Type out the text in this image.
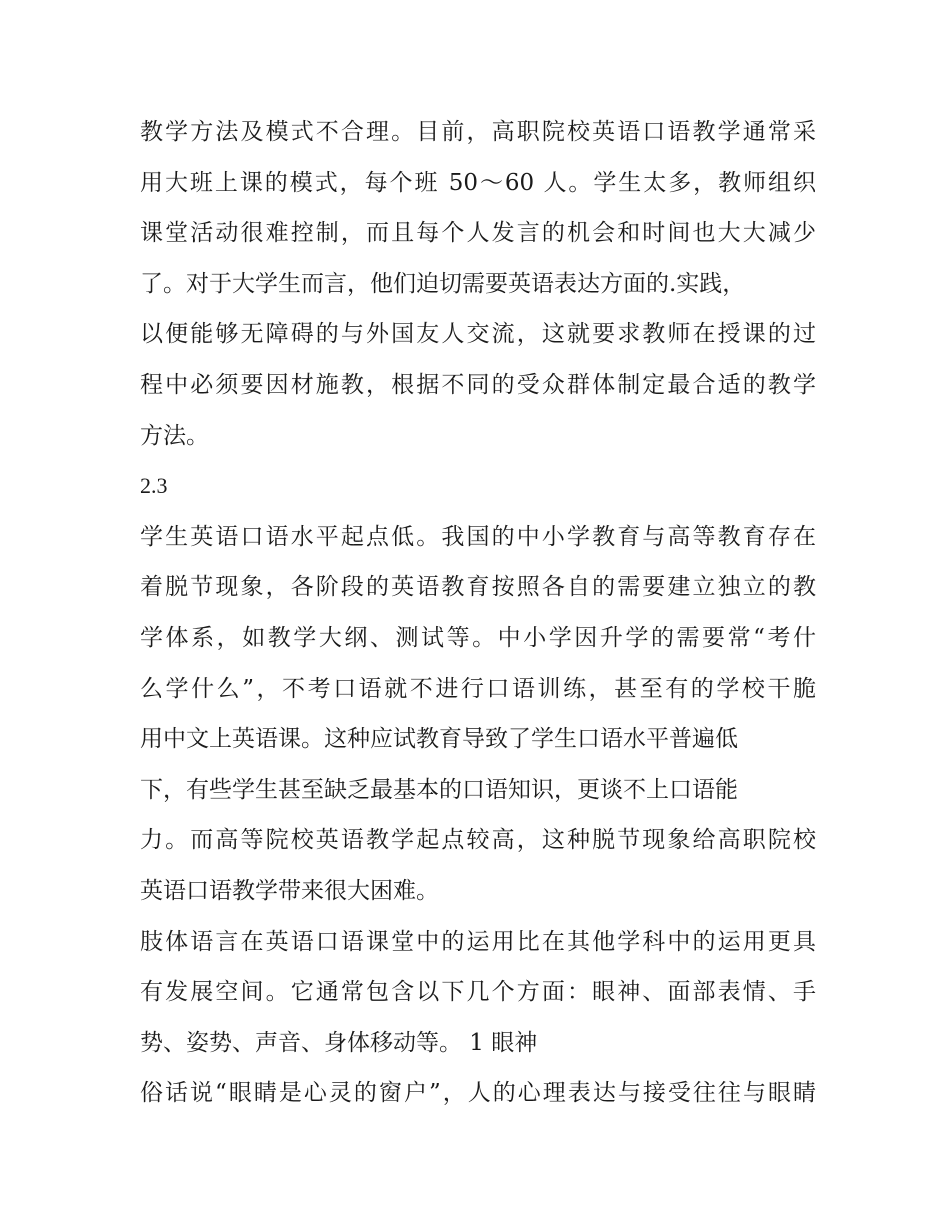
教学方法及模式不合理。目前，高职院校英语口语教学通常采
用大班上课的模式，每个班 50～60 人。学生太多，教师组织
课堂活动很难控制，而且每个人发言的机会和时间也大大减少
了。对于大学生而言，他们迫切需要英语表达方面的.实践，
以便能够无障碍的与外国友人交流，这就要求教师在授课的过
程中必须要因材施教，根据不同的受众群体制定最合适的教学
方法。
2.3
学生英语口语水平起点低。我国的中小学教育与高等教育存在
着脱节现象，各阶段的英语教育按照各自的需要建立独立的教
学体系，如教学大纲、测试等。中小学因升学的需要常“考什
么学什么”，不考口语就不进行口语训练，甚至有的学校干脆
用中文上英语课。这种应试教育导致了学生口语水平普遍低
下，有些学生甚至缺乏最基本的口语知识，更谈不上口语能
力。而高等院校英语教学起点较高，这种脱节现象给高职院校
英语口语教学带来很大困难。
肢体语言在英语口语课堂中的运用比在其他学科中的运用更具
有发展空间。它通常包含以下几个方面：眼神、面部表情、手
势、姿势、声音、身体移动等。 1 眼神
俗话说“眼睛是心灵的窗户”，人的心理表达与接受往往与眼睛
